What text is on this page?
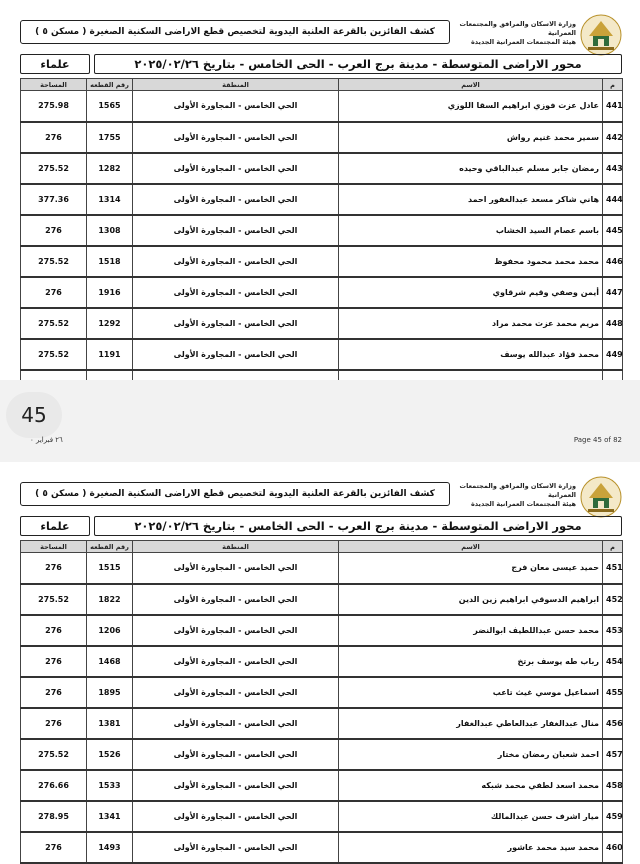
وزارة الاسكان والمرافق والمجتمعات العمرانية
هيئة المجتمعات العمرانية الجديدة
كشف الفائزين بالقرعة العلنية اليدوية لتخصيص قطع الاراضى السكنية الصغيرة ( مسكن ٥ )
علماء	محور الاراضى المتوسطة - مدينة برج العرب - الحى الخامس - بتاريخ ٢٠٢٥/٠٢/٢٦
المساحة	رقم القطعه	المنطقة	الاسم	م
275.98	1565	الحي الخامس - المجاورة الأولى	عادل عزت فوزي ابراهيم السقا اللوزي	441
276	1755	الحي الخامس - المجاورة الأولى	سمير محمد غنيم رواش	442
275.52	1282	الحي الخامس - المجاورة الأولى	رمضان جابر مسلم عبدالباقي وحيده	443
377.36	1314	الحي الخامس - المجاورة الأولى	هاني شاكر مسعد عبدالغفور احمد	444
276	1308	الحي الخامس - المجاورة الأولى	باسم عصام السيد الخشاب	445
275.52	1518	الحي الخامس - المجاورة الأولى	محمد محمد محمود محفوظ	446
276	1916	الحي الخامس - المجاورة الأولى	أيمن وصفي وقيم شرقاوي	447
275.52	1292	الحي الخامس - المجاورة الأولى	مريم محمد عزت محمد مراد	448
275.52	1191	الحي الخامس - المجاورة الأولى	محمد فؤاد عبدالله يوسف	449

45
٢٦ فبراير ٠	Page 45 of 82
وزارة الاسكان والمرافق والمجتمعات العمرانية
هيئة المجتمعات العمرانية الجديدة
كشف الفائزين بالقرعة العلنية اليدوية لتخصيص قطع الاراضى السكنية الصغيرة ( مسكن ٥ )
علماء	محور الاراضى المتوسطة - مدينة برج العرب - الحى الخامس - بتاريخ ٢٠٢٥/٠٢/٢٦
المساحة	رقم القطعه	المنطقة	الاسم	م
276	1515	الحي الخامس - المجاورة الأولى	حميد عيسى معان فرج	451
275.52	1822	الحي الخامس - المجاورة الأولى	ابراهيم الدسوقي ابراهيم زين الدين	452
276	1206	الحي الخامس - المجاورة الأولى	محمد حسن عبداللطيف ابوالنضر	453
276	1468	الحي الخامس - المجاورة الأولى	رباب طه يوسف برتخ	454
276	1895	الحي الخامس - المجاورة الأولى	اسماعيل موسي غيث تاعب	455
276	1381	الحي الخامس - المجاورة الأولى	منال عبدالغفار عبدالعاطي عبدالغفار	456
275.52	1526	الحي الخامس - المجاورة الأولى	احمد شعبان رمضان مختار	457
276.66	1533	الحي الخامس - المجاورة الأولى	محمد اسعد لطفي محمد شبكه	458
278.95	1341	الحي الخامس - المجاورة الأولى	ميار اشرف حسن عبدالمالك	459
276	1493	الحي الخامس - المجاورة الأولى	محمد سيد محمد عاشور	460
